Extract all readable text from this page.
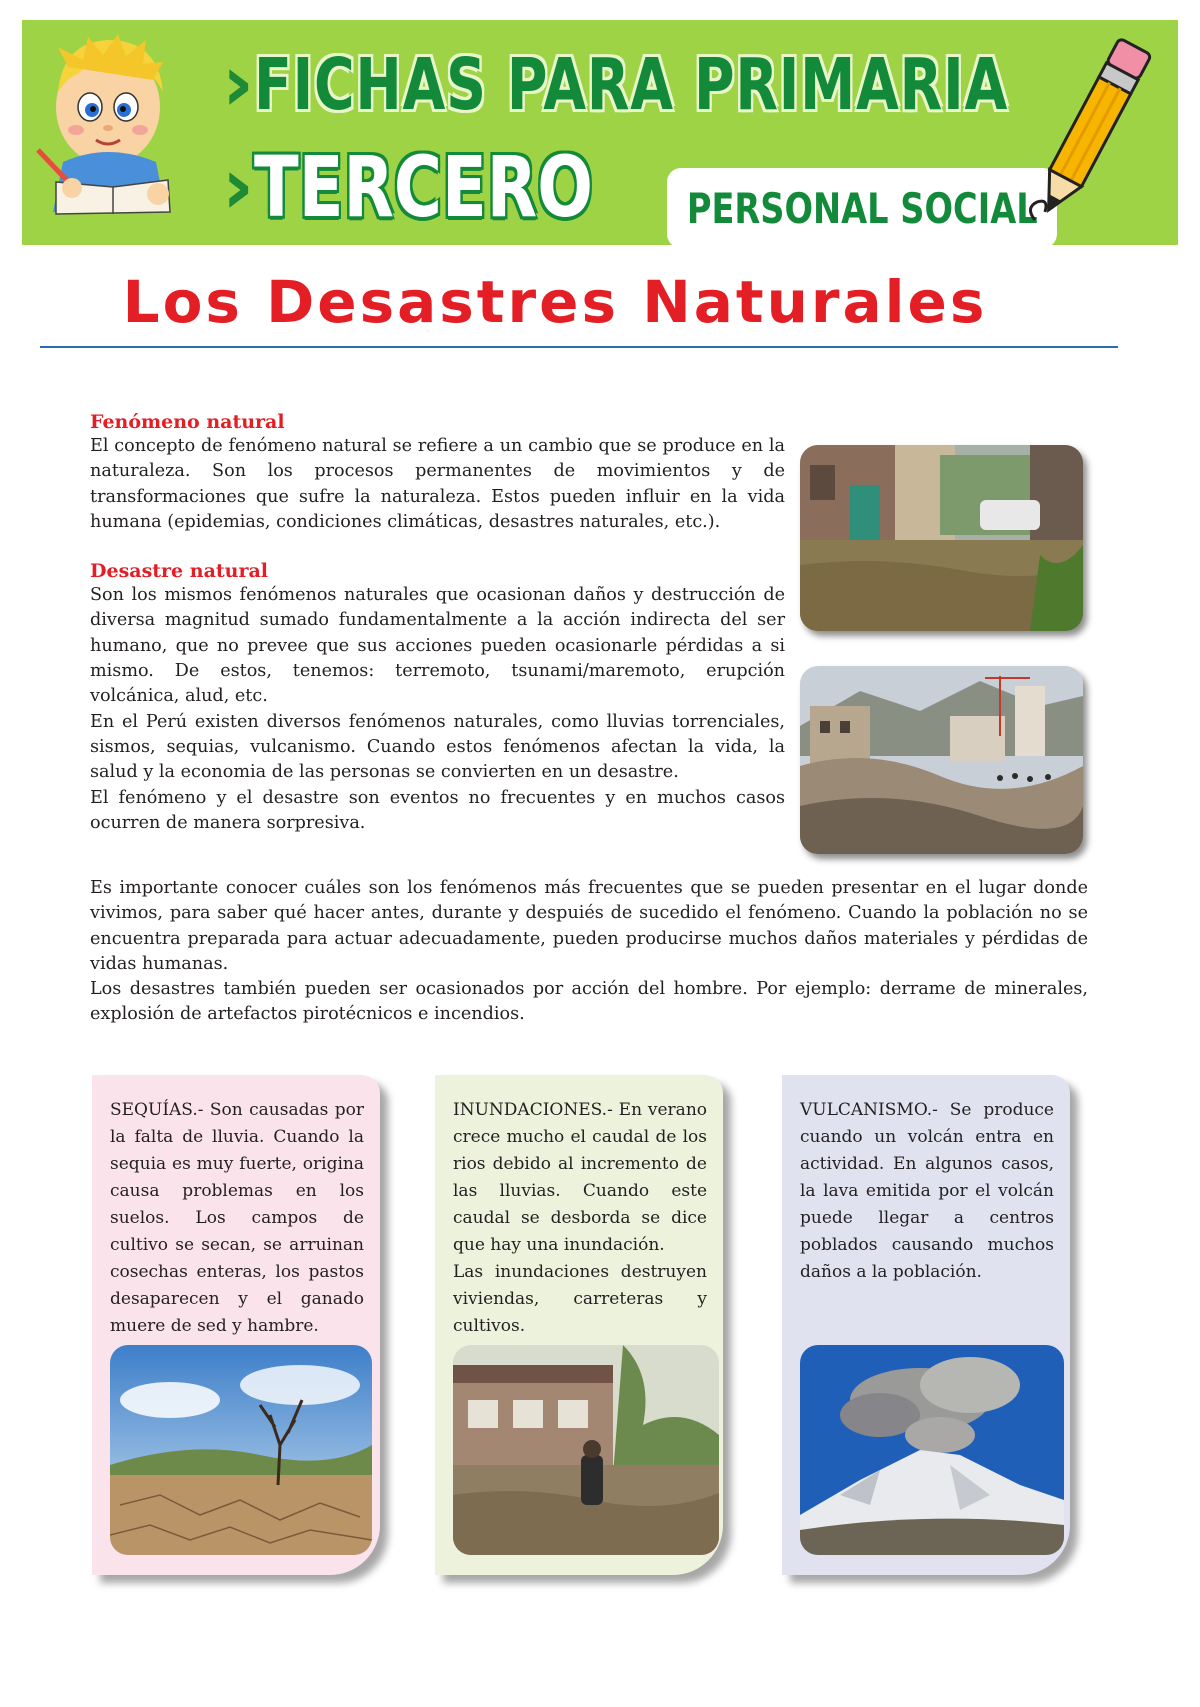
› FICHAS PARA PRIMARIA
› TERCERO PERSONAL SOCIAL
Los Desastres Naturales
Fenómeno natural

El concepto de fenómeno natural se refiere a un cambio que se produce en la naturaleza. Son los procesos permanentes de movimientos y de transformaciones que sufre la naturaleza. Estos pueden influir en la vida humana (epidemias, condiciones climáticas, desastres naturales, etc.).

Desastre natural

Son los mismos fenómenos naturales que ocasionan daños y destrucción de diversa magnitud sumado fundamentalmente a la acción indirecta del ser humano, que no prevee que sus acciones pueden ocasionarle pérdidas a si mismo. De estos, tenemos: terremoto, tsunami/maremoto, erupción volcánica, alud, etc.

En el Perú existen diversos fenómenos naturales, como lluvias torrenciales, sismos, sequias, vulcanismo. Cuando estos fenómenos afectan la vida, la salud y la economia de las personas se convierten en un desastre.

El fenómeno y el desastre son eventos no frecuentes y en muchos casos ocurren de manera sorpresiva.

Es importante conocer cuáles son los fenómenos más frecuentes que se pueden presentar en el lugar donde vivimos, para saber qué hacer antes, durante y despuiés de sucedido el fenómeno. Cuando la población no se encuentra preparada para actuar adecuadamente, pueden producirse muchos daños materiales y pérdidas de vidas humanas.

Los desastres también pueden ser ocasionados por acción del hombre. Por ejemplo: derrame de minerales, explosión de artefactos pirotécnicos e incendios.

SEQUÍAS.- Son causadas por la falta de lluvia. Cuando la sequia es muy fuerte, origina causa problemas en los suelos. Los campos de cultivo se secan, se arruinan cosechas enteras, los pastos desaparecen y el ganado muere de sed y hambre.

INUNDACIONES.- En verano crece mucho el caudal de los rios debido al incremento de las lluvias. Cuando este caudal se desborda se dice que hay una inundación.

Las inundaciones destruyen viviendas, carreteras y cultivos.

VULCANISMO.- Se produce cuando un volcán entra en actividad. En algunos casos, la lava emitida por el volcán puede llegar a centros poblados causando muchos daños a la población.
